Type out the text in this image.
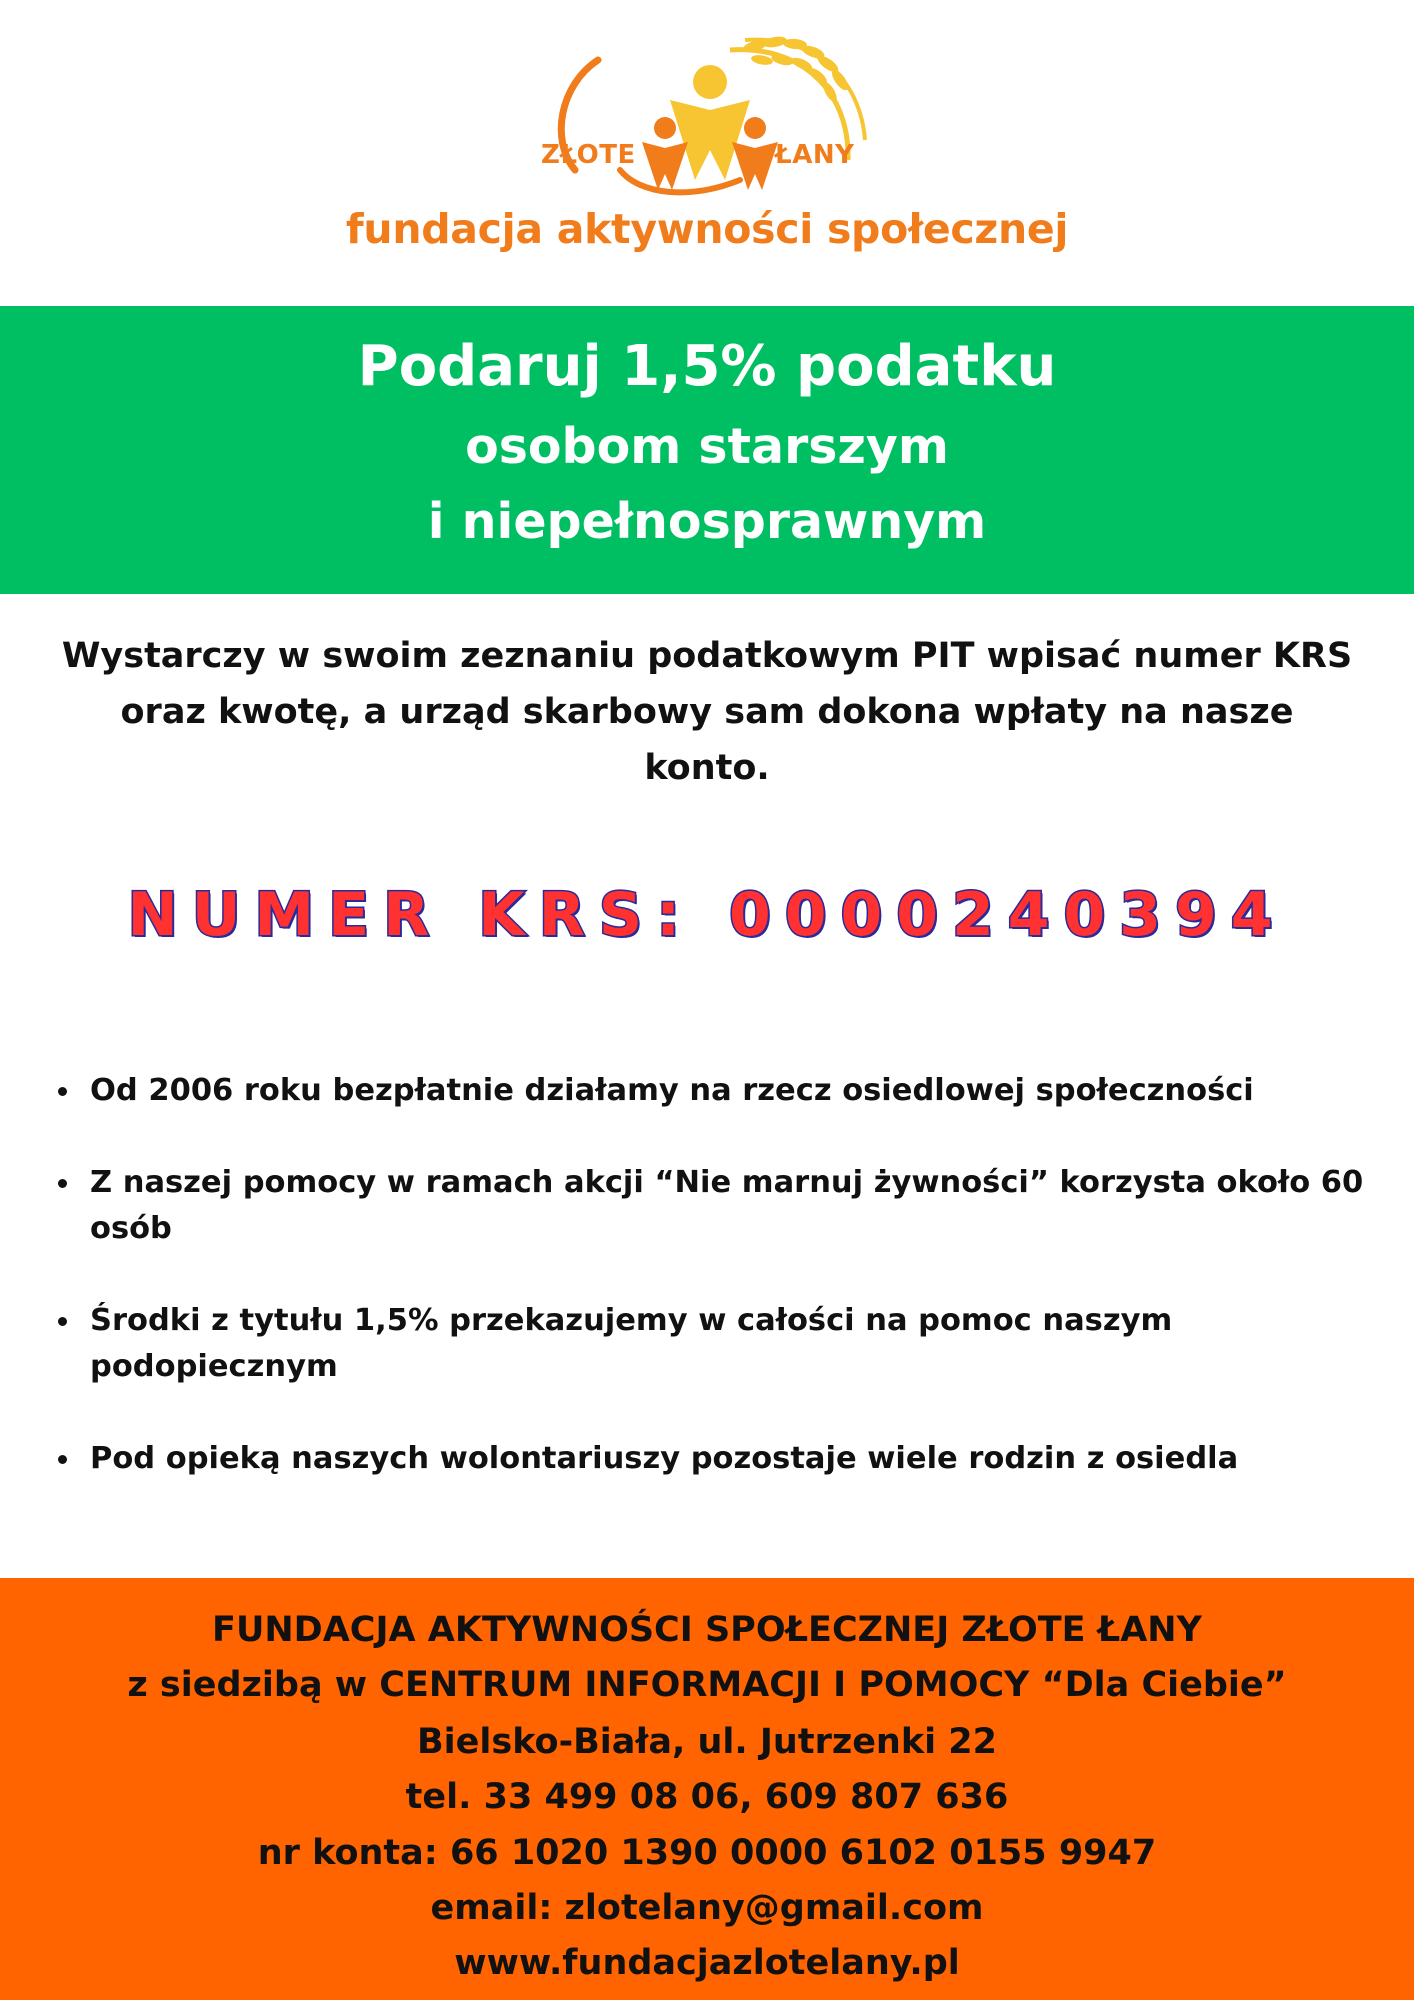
ZŁOTE	ŁANY
fundacja aktywności społecznej
Podaruj 1,5% podatku
osobom starszym
i niepełnosprawnym
Wystarczy w swoim zeznaniu podatkowym PIT wpisać numer KRS oraz kwotę, a urząd skarbowy sam dokona wpłaty na nasze konto.
NUMER KRS: 0000240394
Od 2006 roku bezpłatnie działamy na rzecz osiedlowej społeczności
Z naszej pomocy w ramach akcji “Nie marnuj żywności” korzysta około 60 osób
Środki z tytułu 1,5% przekazujemy w całości na pomoc naszym podopiecznym
Pod opieką naszych wolontariuszy pozostaje wiele rodzin z osiedla
FUNDACJA AKTYWNOŚCI SPOŁECZNEJ ZŁOTE ŁANY
z siedzibą w CENTRUM INFORMACJI I POMOCY “Dla Ciebie”
Bielsko-Biała, ul. Jutrzenki 22
tel. 33 499 08 06, 609 807 636
nr konta: 66 1020 1390 0000 6102 0155 9947
email: zlotelany@gmail.com
www.fundacjazlotelany.pl
